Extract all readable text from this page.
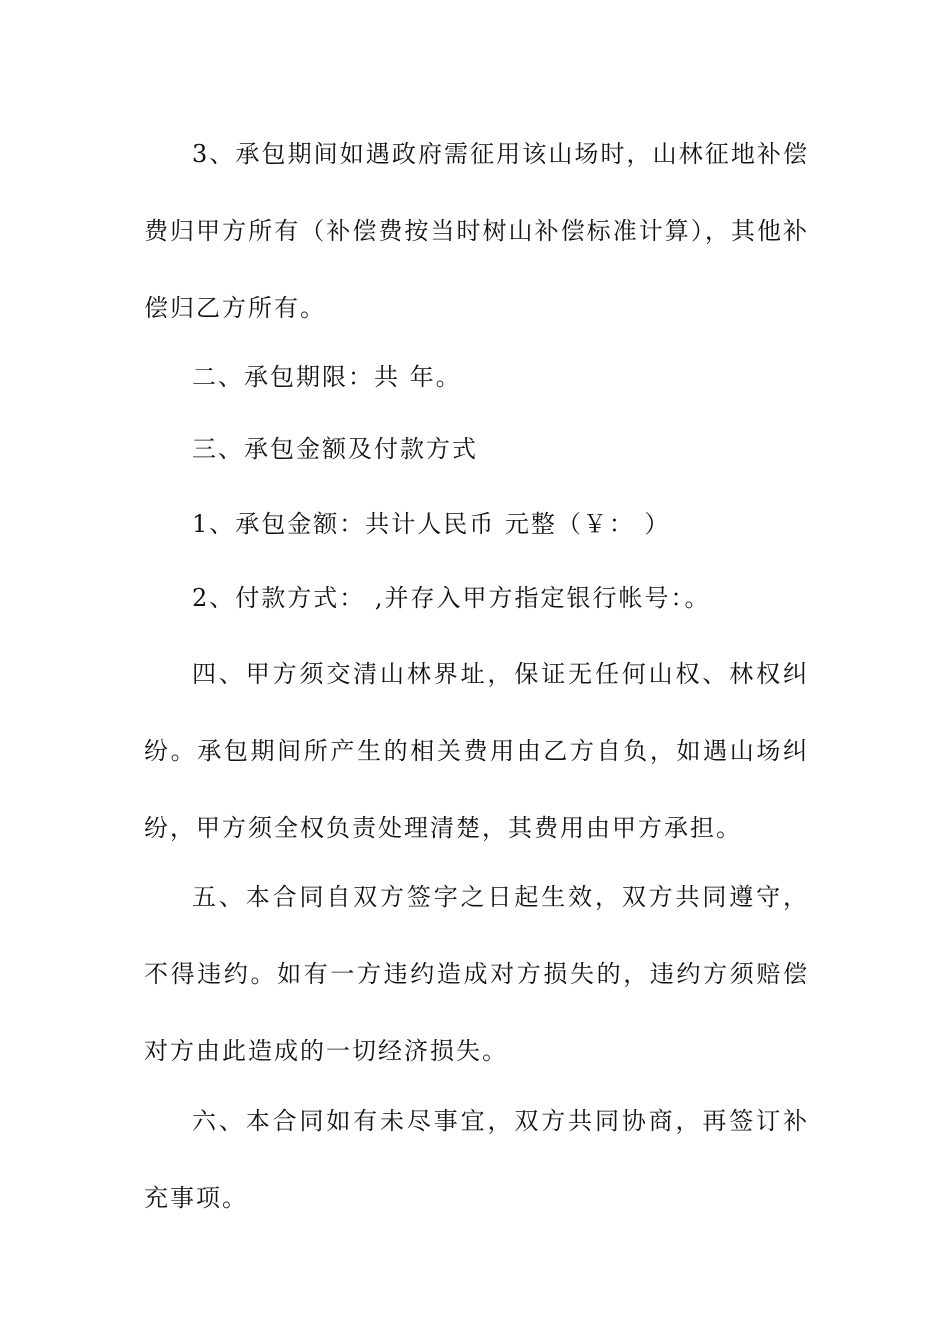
3、承包期间如遇政府需征用该山场时，山林征地补偿费归甲方所有（补偿费按当时树山补偿标准计算），其他补偿归乙方所有。

二、承包期限：共 年。

三、承包金额及付款方式

1、承包金额：共计人民币 元整（￥： ）

2、付款方式： ,并存入甲方指定银行帐号：。

四、甲方须交清山林界址，保证无任何山权、林权纠纷。承包期间所产生的相关费用由乙方自负，如遇山场纠纷，甲方须全权负责处理清楚，其费用由甲方承担。

五、本合同自双方签字之日起生效，双方共同遵守，不得违约。如有一方违约造成对方损失的，违约方须赔偿对方由此造成的一切经济损失。

六、本合同如有未尽事宜，双方共同协商，再签订补充事项。
